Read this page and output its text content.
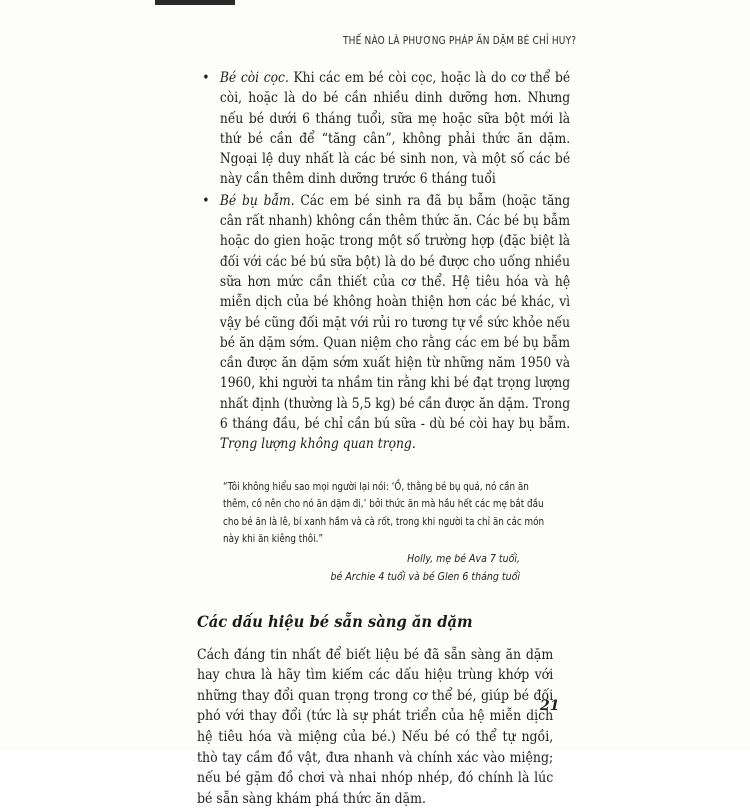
THẾ NÀO LÀ PHƯƠNG PHÁP ĂN DẶM BÉ CHỈ HUY?
• Bé còi cọc. Khi các em bé còi cọc, hoặc là do cơ thể bé còi, hoặc là do bé cần nhiều dinh dưỡng hơn. Nhưng nếu bé dưới 6 tháng tuổi, sữa mẹ hoặc sữa bột mới là thứ bé cần để “tăng cân”, không phải thức ăn dặm. Ngoại lệ duy nhất là các bé sinh non, và một số các bé này cần thêm dinh dưỡng trước 6 tháng tuổi
• Bé bụ bẫm. Các em bé sinh ra đã bụ bẫm (hoặc tăng cân rất nhanh) không cần thêm thức ăn. Các bé bụ bẫm hoặc do gien hoặc trong một số trường hợp (đặc biệt là đối với các bé bú sữa bột) là do bé được cho uống nhiều sữa hơn mức cần thiết của cơ thể. Hệ tiêu hóa và hệ miễn dịch của bé không hoàn thiện hơn các bé khác, vì vậy bé cũng đối mặt với rủi ro tương tự về sức khỏe nếu bé ăn dặm sớm. Quan niệm cho rằng các em bé bụ bẫm cần được ăn dặm sớm xuất hiện từ những năm 1950 và 1960, khi người ta nhầm tin rằng khi bé đạt trọng lượng nhất định (thường là 5,5 kg) bé cần được ăn dặm. Trong 6 tháng đầu, bé chỉ cần bú sữa - dù bé còi hay bụ bẫm. Trọng lượng không quan trọng.
“Tôi không hiểu sao mọi người lại nói: ‘Ồ, thằng bé bụ quá, nó cần ăn thêm, cô nên cho nó ăn dặm đi,’ bởi thức ăn mà hầu hết các mẹ bắt đầu cho bé ăn là lê, bí xanh hầm và cà rốt, trong khi người ta chỉ ăn các món này khi ăn kiêng thôi.”
Holly, mẹ bé Ava 7 tuổi,
bé Archie 4 tuổi và bé Glen 6 tháng tuổi
Các dấu hiệu bé sẵn sàng ăn dặm
Cách đáng tin nhất để biết liệu bé đã sẵn sàng ăn dặm hay chưa là hãy tìm kiếm các dấu hiệu trùng khớp với những thay đổi quan trọng trong cơ thể bé, giúp bé đối phó với thay đổi (tức là sự phát triển của hệ miễn dịch hệ tiêu hóa và miệng của bé.) Nếu bé có thể tự ngồi, thò tay cầm đồ vật, đưa nhanh và chính xác vào miệng; nếu bé gặm đồ chơi và nhai nhóp nhép, đó chính là lúc bé sẵn sàng khám phá thức ăn dặm.
21
